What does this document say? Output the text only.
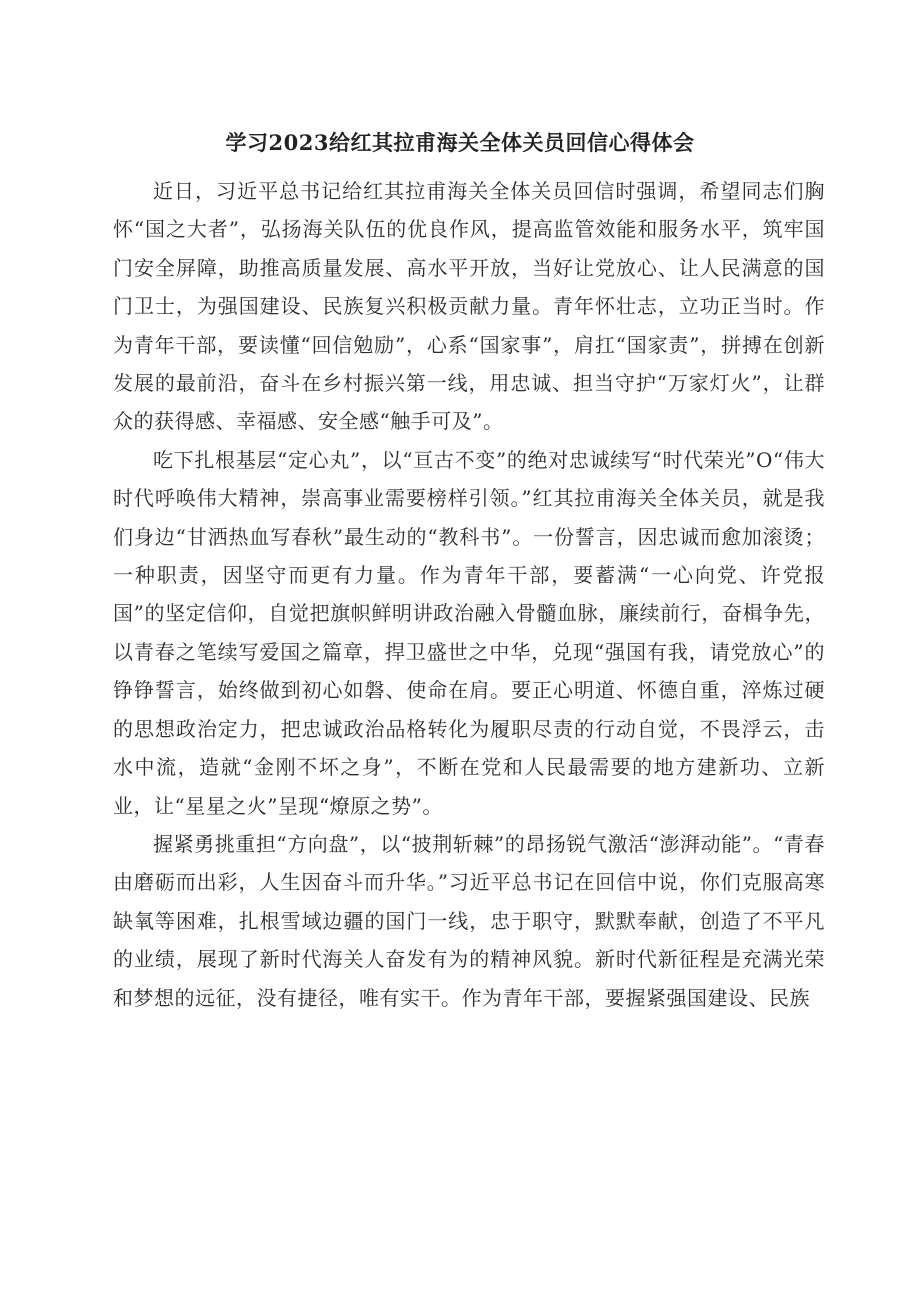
学习2023给红其拉甫海关全体关员回信心得体会

近日，习近平总书记给红其拉甫海关全体关员回信时强调，希望同志们胸怀“国之大者”，弘扬海关队伍的优良作风，提高监管效能和服务水平，筑牢国门安全屏障，助推高质量发展、高水平开放，当好让党放心、让人民满意的国门卫士，为强国建设、民族复兴积极贡献力量。青年怀壮志，立功正当时。作为青年干部，要读懂“回信勉励”，心系“国家事”，肩扛“国家责”，拼搏在创新发展的最前沿，奋斗在乡村振兴第一线，用忠诚、担当守护“万家灯火”，让群众的获得感、幸福感、安全感“触手可及”。

吃下扎根基层“定心丸”，以“亘古不变”的绝对忠诚续写“时代荣光”O“伟大时代呼唤伟大精神，崇高事业需要榜样引领。”红其拉甫海关全体关员，就是我们身边“甘洒热血写春秋”最生动的“教科书”。一份誓言，因忠诚而愈加滚烫；一种职责，因坚守而更有力量。作为青年干部，要蓄满“一心向党、许党报国”的坚定信仰，自觉把旗帜鲜明讲政治融入骨髓血脉，廉续前行，奋楫争先，以青春之笔续写爱国之篇章，捍卫盛世之中华，兑现“强国有我，请党放心”的铮铮誓言，始终做到初心如磐、使命在肩。要正心明道、怀德自重，淬炼过硬的思想政治定力，把忠诚政治品格转化为履职尽责的行动自觉，不畏浮云，击水中流，造就“金刚不坏之身”，不断在党和人民最需要的地方建新功、立新业，让“星星之火”呈现“燎原之势”。

握紧勇挑重担“方向盘”，以“披荆斩棘”的昂扬锐气激活“澎湃动能”。“青春由磨砺而出彩，人生因奋斗而升华。”习近平总书记在回信中说，你们克服高寒缺氧等困难，扎根雪域边疆的国门一线，忠于职守，默默奉献，创造了不平凡的业绩，展现了新时代海关人奋发有为的精神风貌。新时代新征程是充满光荣和梦想的远征，没有捷径，唯有实干。作为青年干部，要握紧强国建设、民族
